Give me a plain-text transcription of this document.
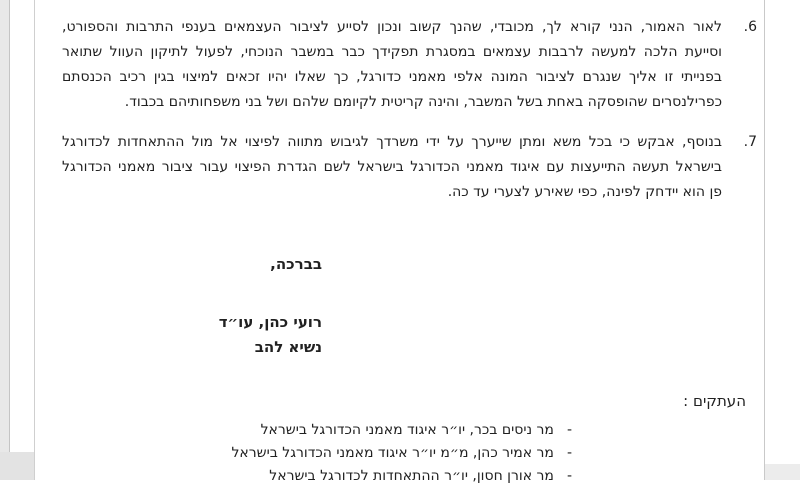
6.
לאור האמור, הנני קורא לך, מכובדי, שהנך קשוב ונכון לסייע לציבור העצמאים בענפי התרבות והספורט,
וסייעת הלכה למעשה לרבבות עצמאים במסגרת תפקידך כבר במשבר הנוכחי, לפעול לתיקון העוול שתואר
בפנייתי זו אליך שנגרם לציבור המונה אלפי מאמני כדורגל, כך שאלו יהיו זכאים למיצוי בגין רכיב הכנסתם
כפרילנסרים שהופסקה באחת בשל המשבר, והינה קריטית לקיומם שלהם ושל בני משפחותיהם בכבוד.
7.
בנוסף, אבקש כי בכל משא ומתן שייערך על ידי משרדך לגיבוש מתווה לפיצוי אל מול ההתאחדות לכדורגל
בישראל תעשה התייעצות עם איגוד מאמני הכדורגל בישראל לשם הגדרת הפיצוי עבור ציבור מאמני הכדורגל
פן הוא יידחק לפינה, כפי שאירע לצערי עד כה.
בברכה,
רועי כהן, עו״ד
נשיא להב
העתקים :
-
מר ניסים בכר, יו״ר איגוד מאמני הכדורגל בישראל
-
מר אמיר כהן, מ״מ יו״ר איגוד מאמני הכדורגל בישראל
-
מר אורן חסון, יו״ר ההתאחדות לכדורגל בישראל
